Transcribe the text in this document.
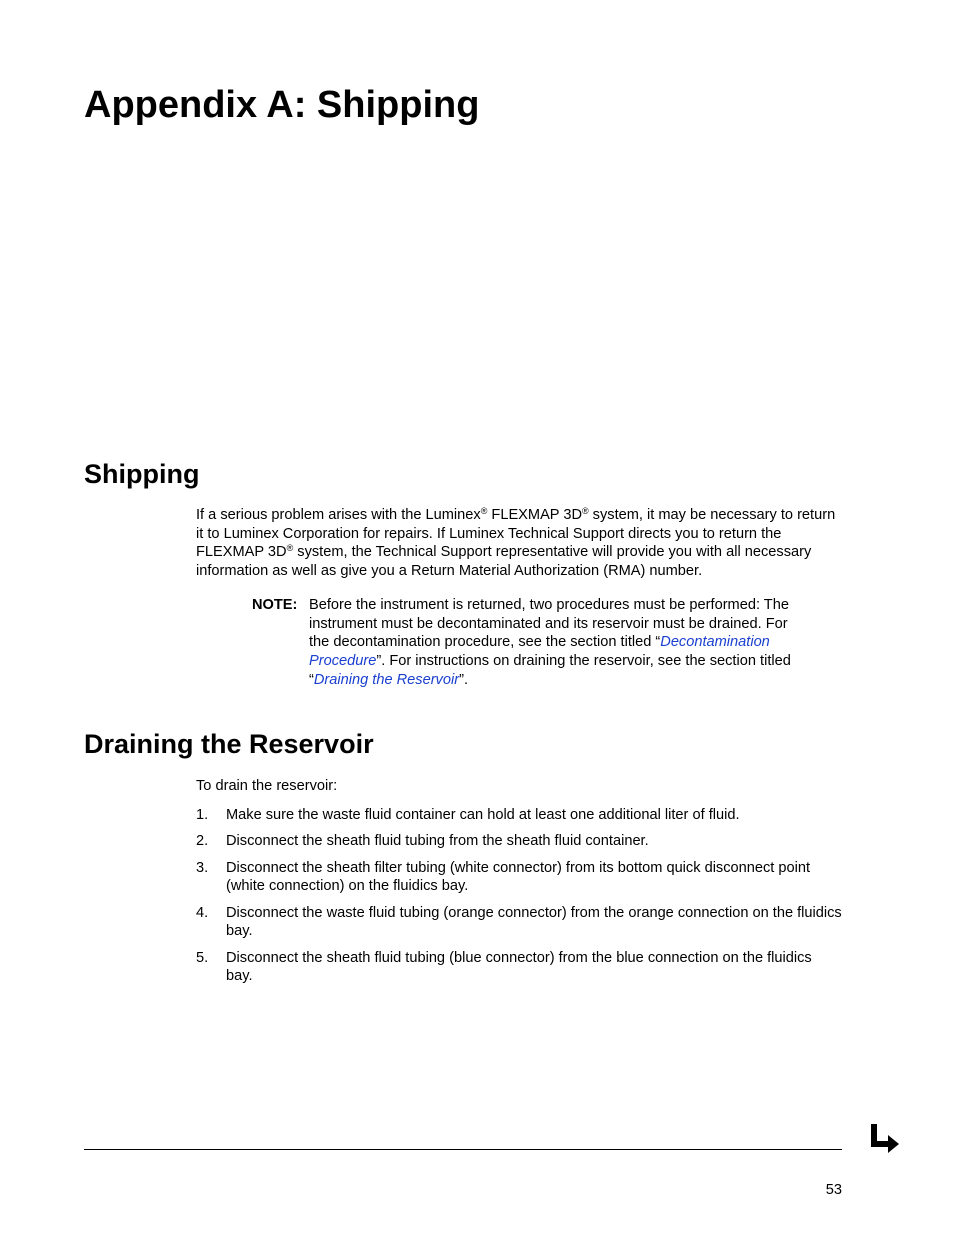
Appendix A: Shipping
Shipping

If a serious problem arises with the Luminex® FLEXMAP 3D® system, it may be necessary to return it to Luminex Corporation for repairs. If Luminex Technical Support directs you to return the FLEXMAP 3D® system, the Technical Support representative will provide you with all necessary information as well as give you a Return Material Authorization (RMA) number.

NOTE: Before the instrument is returned, two procedures must be performed: The instrument must be decontaminated and its reservoir must be drained. For the decontamination procedure, see the section titled “Decontamination Procedure”. For instructions on draining the reservoir, see the section titled “Draining the Reservoir”.

Draining the Reservoir

To drain the reservoir:

1. Make sure the waste fluid container can hold at least one additional liter of fluid.
2. Disconnect the sheath fluid tubing from the sheath fluid container.
3. Disconnect the sheath filter tubing (white connector) from its bottom quick disconnect point (white connection) on the fluidics bay.
4. Disconnect the waste fluid tubing (orange connector) from the orange connection on the fluidics bay.
5. Disconnect the sheath fluid tubing (blue connector) from the blue connection on the fluidics bay.
53
